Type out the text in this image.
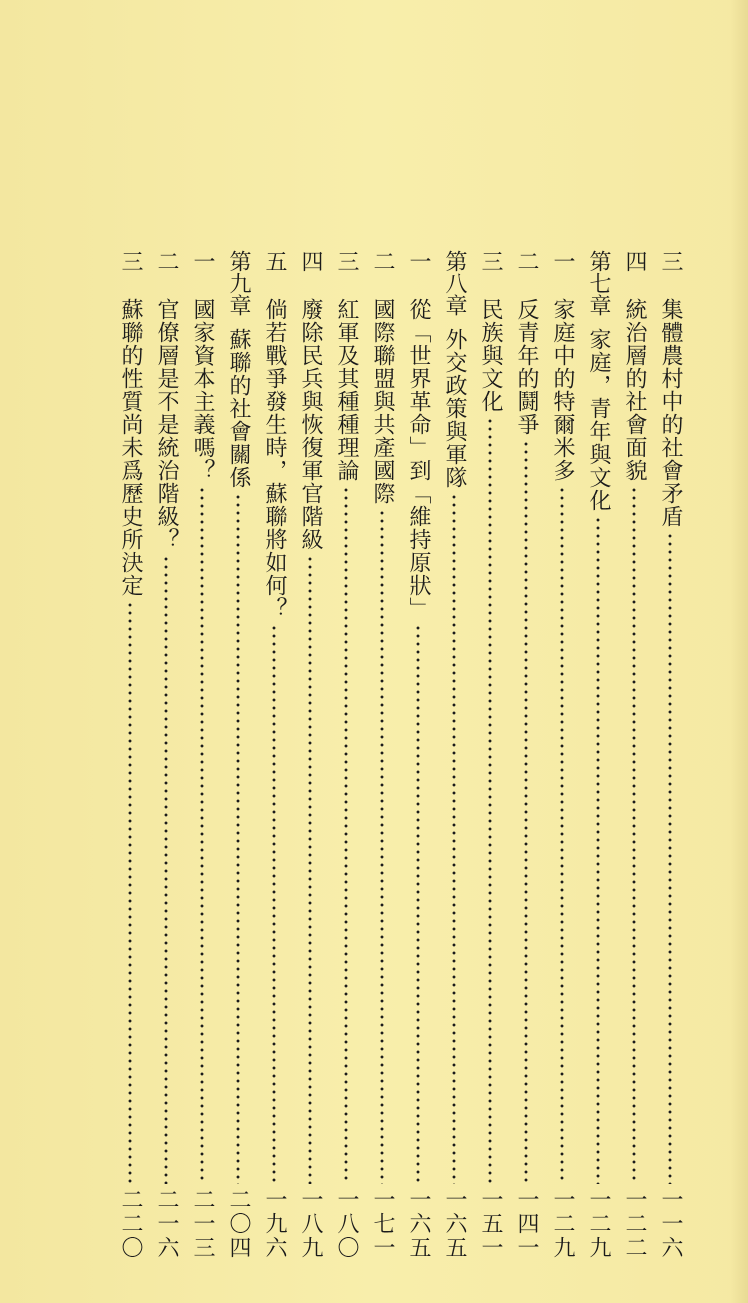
三
集體農村中的社會矛盾
一一六
四
統治層的社會面貌
一二二
第七章
家庭，青年與文化
一二九
一
家庭中的特爾米多
一二九
二
反青年的鬪爭
一四一
三
民族與文化
一五一
第八章
外交政策與軍隊
一六五
一
從「世界革命」到「維持原狀」
一六五
二
國際聯盟與共產國際
一七一
三
紅軍及其種種理論
一八〇
四
廢除民兵與恢復軍官階級
一八九
五
倘若戰爭發生時，蘇聯將如何？
一九六
第九章
蘇聯的社會關係
二〇四
一
國家資本主義嗎？
二一三
二
官僚層是不是統治階級？
二一六
三
蘇聯的性質尚未爲歷史所決定
二二〇
